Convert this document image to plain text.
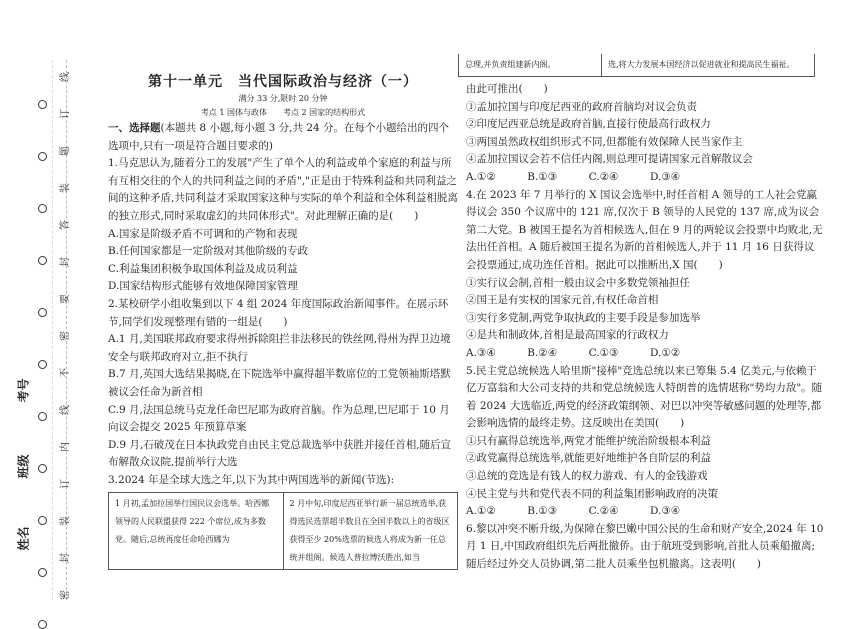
线
订
题
装
答
封
要
密
不
线
内
订
装
封
密
考号
班级
姓名
第十一单元　当代国际政治与经济（一）
满分 33 分,限时 20 分钟
考点 1 国体与政体　　考点 2 国家的结构形式

一、选择题(本题共 8 小题,每小题 3 分,共 24 分。在每个小题给出的四个选项中,只有一项是符合题目要求的)

1.马克思认为,随着分工的发展"产生了单个人的利益或单个家庭的利益与所有互相交往的个人的共同利益之间的矛盾","正是由于特殊利益和共同利益之间的这种矛盾,共同利益才采取国家这种与实际的单个利益和全体利益相脱离的独立形式,同时采取虚幻的共同体形式"。对此理解正确的是(　　)

A.国家是阶级矛盾不可调和的产物和表现

B.任何国家都是一定阶级对其他阶级的专政

C.利益集团积极争取国体利益及成员利益

D.国家结构形式能够有效地保障国家管理

2.某校研学小组收集到以下 4 组 2024 年度国际政治新闻事件。在展示环节,同学们发现整理有错的一组是(　　)

A.1 月,美国联邦政府要求得州拆除阻拦非法移民的铁丝网,得州为捍卫边境安全与联邦政府对立,拒不执行

B.7 月,英国大选结果揭晓,在下院选举中赢得超半数席位的工党领袖斯塔默被议会任命为新首相

C.9 月,法国总统马克龙任命巴尼耶为政府首脑。作为总理,巴尼耶于 10 月向议会提交 2025 年预算草案

D.9 月,石破茂在日本执政党自由民主党总裁选举中获胜并接任首相,随后宣布解散众议院,提前举行大选

3.2024 年是全球大选之年,以下为其中两国选举的新闻(节选):

1 月初,孟加拉国举行国民议会选举。哈西娜领导的人民联盟获得 222 个席位,成为多数党。随后,总统再度任命哈西娜为
2 月中旬,印度尼西亚举行新一届总统选举,获得选民选票超半数且在全国半数以上的省级区获得至少 20%选票的候选人将成为新一任总统并组阁。候选人普拉博沃胜出,如当
总理,并负责组建新内阁。	选,将大力发展本国经济以促进就业和提高民生福祉。

由此可推出(　　)

①孟加拉国与印度尼西亚的政府首脑均对议会负责

②印度尼西亚总统是政府首脑,直接行使最高行政权力

③两国虽然政权组织形式不同,但都能有效保障人民当家作主

④孟加拉国议会若不信任内阁,则总理可提请国家元首解散议会

A.①②　　　B.①③　　　C.②④　　　D.③④

4.在 2023 年 7 月举行的 X 国议会选举中,时任首相 A 领导的工人社会党赢得议会 350 个议席中的 121 席,仅次于 B 领导的人民党的 137 席,成为议会第二大党。B 被国王提名为首相候选人,但在 9 月的两轮议会投票中均败北,无法出任首相。A 随后被国王提名为新的首相候选人,并于 11 月 16 日获得议会投票通过,成功连任首相。据此可以推断出,X 国(　　)

①实行议会制,首相一般由议会中多数党领袖担任

②国王是有实权的国家元首,有权任命首相

③实行多党制,两党争取执政的主要手段是参加选举

④是共和制政体,首相是最高国家的行政权力

A.③④　　　B.②④　　　C.①③　　　D.①②

5.民主党总统候选人哈里斯"接棒"竞选总统以来已筹集 5.4 亿美元,与依赖于亿万富翁和大公司支持的共和党总统候选人特朗普的选情堪称"势均力敌"。随着 2024 大选临近,两党的经济政策纲领、对巴以冲突等敏感问题的处理等,都会影响选情的最终走势。这反映出在美国(　　)

①只有赢得总统选举,两党才能维护统治阶级根本利益

②政党赢得总统选举,就能更好地维护各自阶层的利益

③总统的竞选是有钱人的权力游戏、有人的金钱游戏

④民主党与共和党代表不同的利益集团影响政府的决策

A.①②　　　B.①③　　　C.②④　　　D.③④

6.黎以冲突不断升级,为保障在黎巴嫩中国公民的生命和财产安全,2024 年 10 月 1 日,中国政府组织先后两批撤侨。由于航班受到影响,首批人员乘船撤离;随后经过外交人员协调,第二批人员乘坐包机撤离。这表明(　　)
